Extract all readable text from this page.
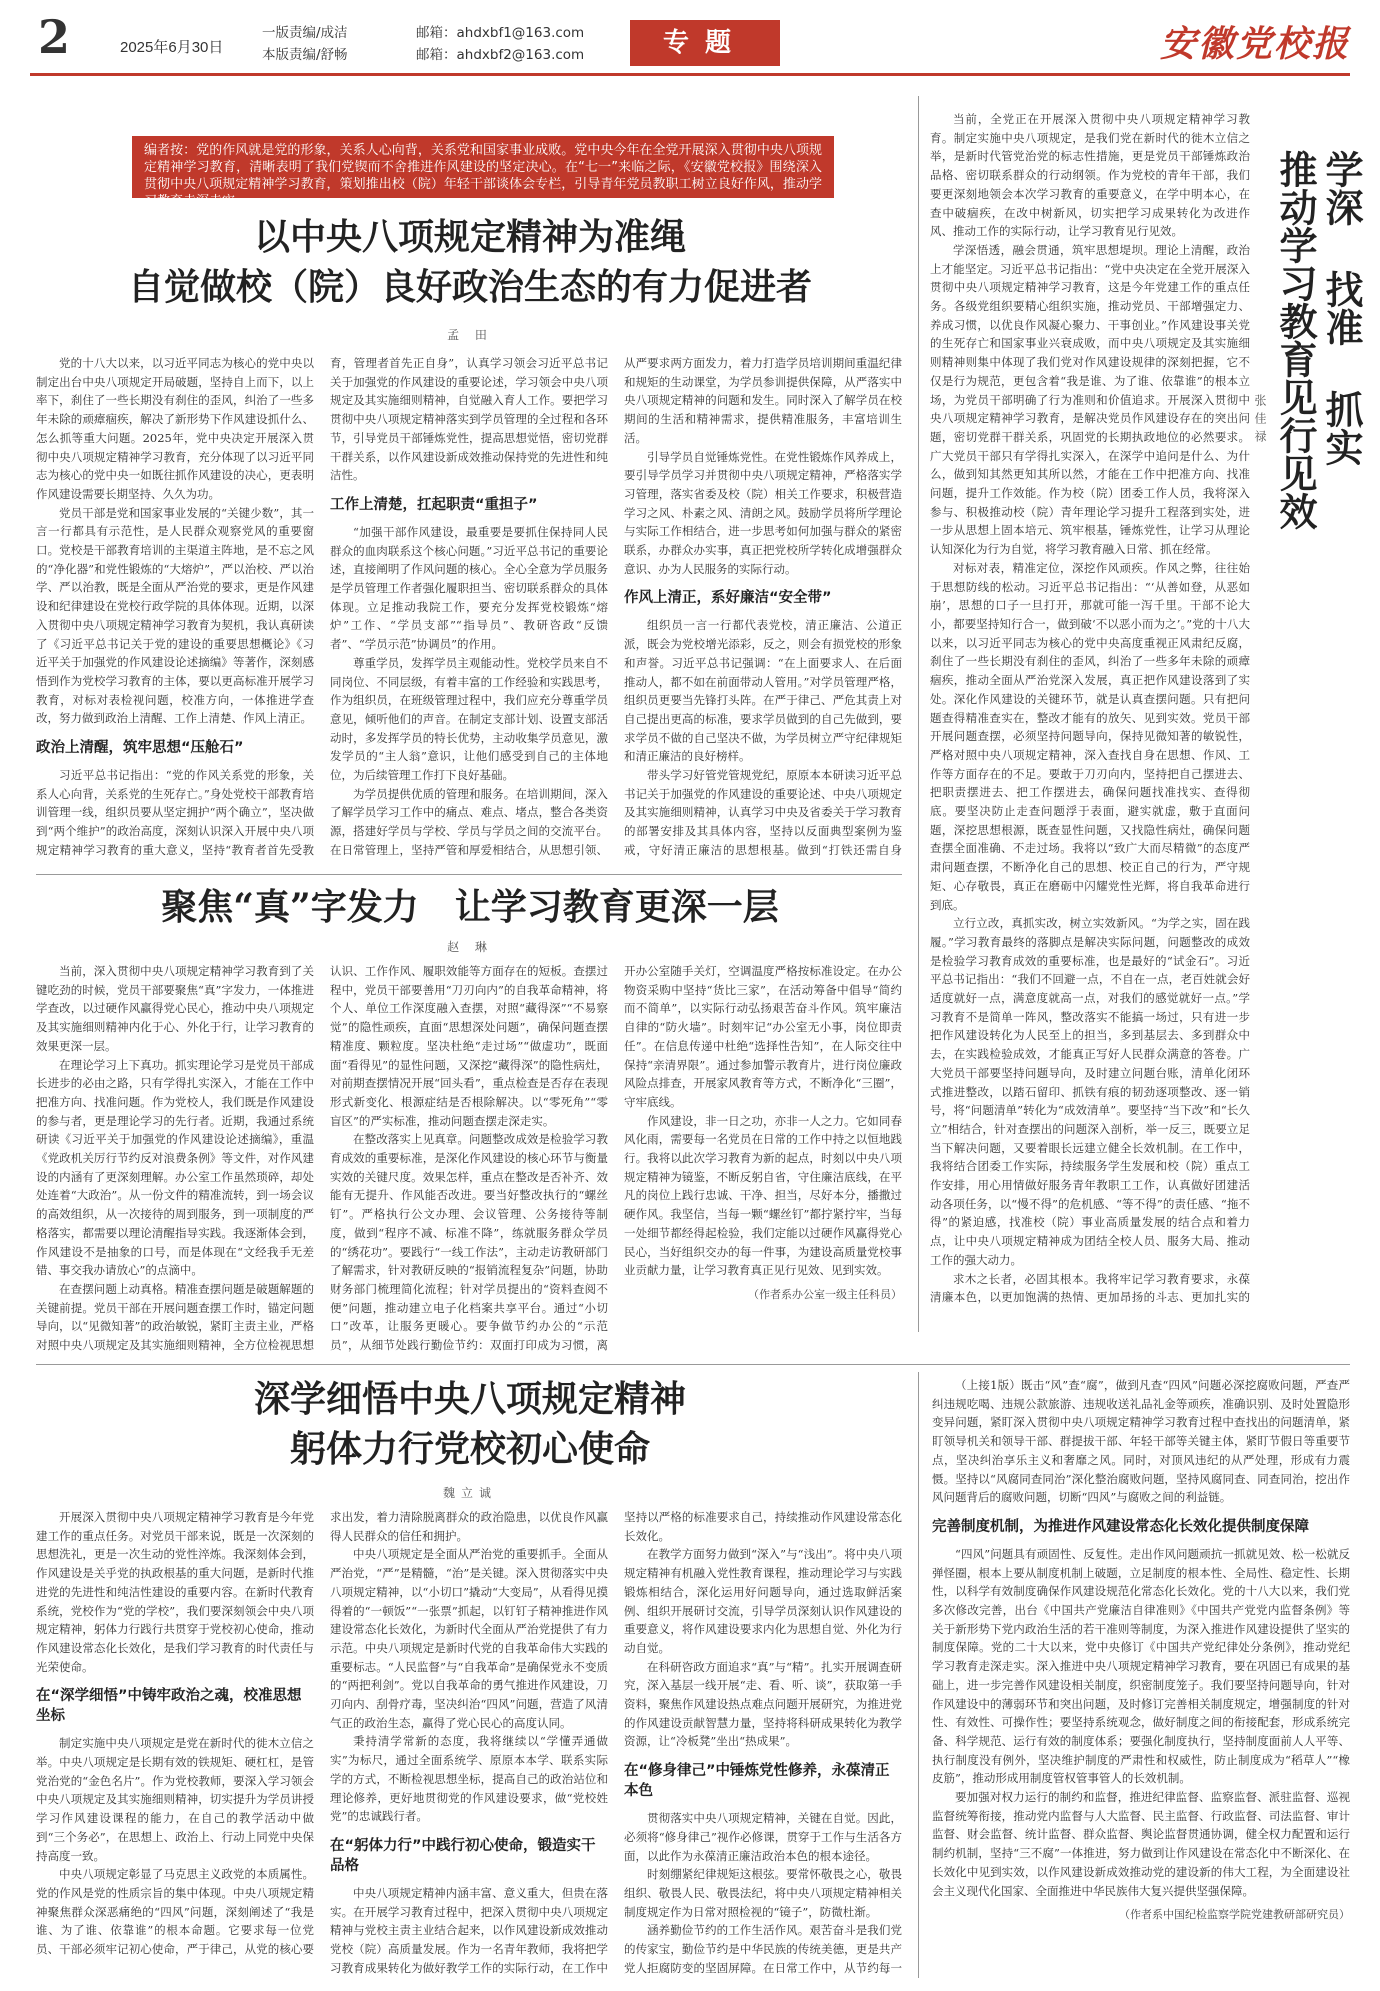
2	2025年6月30日
一版责编/成洁
本版责编/舒畅
邮箱：ahdxbf1@163.com
邮箱：ahdxbf2@163.com	专题	安徽党校报
编者按：党的作风就是党的形象，关系人心向背，关系党和国家事业成败。党中央今年在全党开展深入贯彻中央八项规定精神学习教育，清晰表明了我们党锲而不舍推进作风建设的坚定决心。在“七一”来临之际，《安徽党校报》围绕深入贯彻中央八项规定精神学习教育，策划推出校（院）年轻干部谈体会专栏，引导青年党员教职工树立良好作风，推动学习教育走深走实。
以中央八项规定精神为准绳
自觉做校（院）良好政治生态的有力促进者
孟 田

党的十八大以来，以习近平同志为核心的党中央以制定出台中央八项规定开局破题，坚持自上而下，以上率下，刹住了一些长期没有刹住的歪风，纠治了一些多年未除的顽瘴痼疾，解决了新形势下作风建设抓什么、怎么抓等重大问题。2025年，党中央决定开展深入贯彻中央八项规定精神学习教育，充分体现了以习近平同志为核心的党中央一如既往抓作风建设的决心，更表明作风建设需要长期坚持、久久为功。

党员干部是党和国家事业发展的“关键少数”，其一言一行都具有示范性，是人民群众观察党风的重要窗口。党校是干部教育培训的主渠道主阵地，是不忘之风的“净化器”和党性锻炼的“大熔炉”，严以治校、严以治学、严以治教，既是全面从严治党的要求，更是作风建设和纪律建设在党校行政学院的具体体现。近期，以深入贯彻中央八项规定精神学习教育为契机，我认真研读了《习近平总书记关于党的建设的重要思想概论》《习近平关于加强党的作风建设论述摘编》等著作，深刻感悟到作为党校学习教育的主体，要以更高标准开展学习教育，对标对表检视问题，校准方向，一体推进学查改，努力做到政治上清醒、工作上清楚、作风上清正。

政治上清醒，筑牢思想“压舱石”

习近平总书记指出：“党的作风关系党的形象，关系人心向背，关系党的生死存亡。”身处党校干部教育培训管理一线，组织员要从坚定拥护“两个确立”，坚决做到“两个维护”的政治高度，深刻认识深入开展中央八项规定精神学习教育的重大意义，坚持“教育者首先受教育，管理者首先正自身”，认真学习领会习近平总书记关于加强党的作风建设的重要论述，学习领会中央八项规定及其实施细则精神，自觉融入育人工作。要把学习贯彻中央八项规定精神落实到学员管理的全过程和各环节，引导党员干部锤炼党性，提高思想觉悟，密切党群干群关系，以作风建设新成效推动保持党的先进性和纯洁性。

工作上清楚，扛起职责“重担子”

“加强干部作风建设，最重要是要抓住保持同人民群众的血肉联系这个核心问题。”习近平总书记的重要论述，直接阐明了作风问题的核心。全心全意为学员服务是学员管理工作者强化履职担当、密切联系群众的具体体现。立足推动我院工作，要充分发挥党校锻炼“熔炉”工作、“学员支部”“指导员”、教研咨政“反馈者”、“学员示范”协调员”的作用。

尊重学员，发挥学员主观能动性。党校学员来自不同岗位、不同层级，有着丰富的工作经验和实践思考，作为组织员，在班级管理过程中，我们应充分尊重学员意见，倾听他们的声音。在制定支部计划、设置支部活动时，多发挥学员的特长优势，主动收集学员意见，激发学员的“主人翁”意识，让他们感受到自己的主体地位，为后续管理工作打下良好基础。

为学员提供优质的管理和服务。在培训期间，深入了解学员学习工作中的痛点、难点、堵点，整合各类资源，搭建好学员与学校、学员与学员之间的交流平台。在日常管理上，坚持严管和厚爱相结合，从思想引领、从严要求两方面发力，着力打造学员培训期间重温纪律和规矩的生动课堂，为学员参训提供保障，从严落实中央八项规定精神的问题和发生。同时深入了解学员在校期间的生活和精神需求，提供精准服务，丰富培训生活。

引导学员自觉锤炼党性。在党性锻炼作风养成上，要引导学员学习并贯彻中央八项规定精神，严格落实学习管理，落实省委及校（院）相关工作要求，积极营造学习之风、朴素之风、清朗之风。鼓励学员将所学理论与实际工作相结合，进一步思考如何加强与群众的紧密联系，办群众办实事，真正把党校所学转化成增强群众意识、办为人民服务的实际行动。

作风上清正，系好廉洁“安全带”

组织员一言一行都代表党校，清正廉洁、公道正派，既会为党校增光添彩，反之，则会有损党校的形象和声誉。习近平总书记强调：“在上面要求人、在后面推动人，都不如在前面带动人管用。”对学员管理严格，组织员更要当先锋打头阵。在严于律己、严危其责上对自己提出更高的标准，要求学员做到的自己先做到，要求学员不做的自己坚决不做，为学员树立严守纪律规矩和清正廉洁的良好榜样。

带头学习好管党管规党纪，原原本本研读习近平总书记关于加强党的作风建设的重要论述、中央八项规定及其实施细则精神，认真学习中央及省委关于学习教育的部署安排及其具体内容，坚持以反面典型案例为鉴戒，守好清正廉洁的思想根基。做到“打铁还需自身

聚焦“真”字发力　让学习教育更深一层
赵 琳

当前，深入贯彻中央八项规定精神学习教育到了关键吃劲的时候，党员干部要聚焦“真”字发力，一体推进学查改，以过硬作风赢得党心民心，推动中央八项规定及其实施细则精神内化于心、外化于行，让学习教育的效果更深一层。

在理论学习上下真功。抓实理论学习是党员干部成长进步的必由之路，只有学得扎实深入，才能在工作中把准方向、找准问题。作为党校人，我们既是作风建设的参与者，更是理论学习的先行者。近期，我通过系统研读《习近平关于加强党的作风建设论述摘编》，重温《党政机关厉行节约反对浪费条例》等文件，对作风建设的内涵有了更深刻理解。办公室工作虽然琐碎，却处处连着“大政治”。从一份文件的精准流转，到一场会议的高效组织，从一次接待的周到服务，到一项制度的严格落实，都需要以理论清醒指导实践。我逐渐体会到，作风建设不是抽象的口号，而是体现在“文经我手无差错、事交我办请放心”的点滴中。

在查摆问题上动真格。精准查摆问题是破题解题的关键前提。党员干部在开展问题查摆工作时，锚定问题导向，以“见微知著”的政治敏锐，紧盯主责主业，严格对照中央八项规定及其实施细则精神，全方位检视思想认识、工作作风、履职效能等方面存在的短板。查摆过程中，党员干部要善用“刀刃向内”的自我革命精神，将个人、单位工作深度融入查摆，对照“藏得深”“不易察觉”的隐性顽疾，直面“思想深处问题”，确保问题查摆精准度、颗粒度。坚决杜绝“走过场”“做虚功”，既面面“看得见”的显性问题，又深挖“藏得深”的隐性病灶，对前期查摆情况开展“回头看”，重点检查是否存在表现形式新变化、根源症结是否根除解决。以“零死角”“零盲区”的严实标准，推动问题查摆走深走实。

在整改落实上见真章。问题整改成效是检验学习教育成效的重要标准，是深化作风建设的核心环节与衡量实效的关键尺度。效果怎样，重点在整改是否补齐、效能有无提升、作风能否改进。要当好整改执行的“螺丝钉”。严格执行公文办理、会议管理、公务接待等制度，做到“程序不减、标准不降”，练就服务群众学员的“绣花功”。要践行“一线工作法”，主动走访教研部门了解需求，针对教研反映的“报销流程复杂”问题，协助财务部门梳理简化流程；针对学员提出的“资料查阅不便”问题，推动建立电子化档案共享平台。通过“小切口”改革，让服务更暖心。要争做节约办公的“示范员”，从细节处践行勤俭节约：双面打印成为习惯，离开办公室随手关灯，空调温度严格按标准设定。在办公物资采购中坚持“货比三家”，在活动筹备中倡导“简约而不简单”，以实际行动弘扬艰苦奋斗作风。筑牢廉洁自律的“防火墙”。时刻牢记“办公室无小事，岗位即责任”。在信息传递中杜绝“选择性告知”，在人际交往中保持“亲清界限”。通过参加警示教育片，进行岗位廉政风险点排查，开展家风教育等方式，不断净化“三圈”，守牢底线。

作风建设，非一日之功，亦非一人之力。它如同春风化雨，需要每一名党员在日常的工作中持之以恒地践行。我将以此次学习教育为新的起点，时刻以中央八项规定精神为镜鉴，不断反躬自省，守住廉洁底线，在平凡的岗位上践行忠诚、干净、担当，尽好本分，播撒过硬作风。我坚信，当每一颗“螺丝钉”都拧紧拧牢，当每一处细节都经得起检验，我们定能以过硬作风赢得党心民心，当好组织交办的每一件事，为建设高质量党校事业贡献力量，让学习教育真正见行见效、见到实效。

（作者系办公室一级主任科员）

当前，全党正在开展深入贯彻中央八项规定精神学习教育。制定实施中央八项规定，是我们党在新时代的徙木立信之举，是新时代管党治党的标志性措施，更是党员干部锤炼政治品格、密切联系群众的行动纲领。作为党校的青年干部，我们要更深刻地领会本次学习教育的重要意义，在学中明本心，在查中破痼疾，在改中树新风，切实把学习成果转化为改进作风、推动工作的实际行动，让学习教育见行见效。

学深悟透，融会贯通，筑牢思想堤坝。理论上清醒，政治上才能坚定。习近平总书记指出：“党中央决定在全党开展深入贯彻中央八项规定精神学习教育，这是今年党建工作的重点任务。各级党组织要精心组织实施，推动党员、干部增强定力、养成习惯，以优良作风凝心聚力、干事创业。”作风建设事关党的生死存亡和国家事业兴衰成败，而中央八项规定及其实施细则精神则集中体现了我们党对作风建设规律的深刻把握，它不仅是行为规范，更包含着“我是谁、为了谁、依靠谁”的根本立场，为党员干部明确了行为准则和价值追求。开展深入贯彻中央八项规定精神学习教育，是解决党员作风建设存在的突出问题，密切党群干群关系，巩固党的长期执政地位的必然要求。广大党员干部只有学得扎实深入，在深学中追问是什么、为什么，做到知其然更知其所以然，才能在工作中把准方向、找准问题，提升工作效能。作为校（院）团委工作人员，我将深入参与、积极推动校（院）青年理论学习提升工程落到实处，进一步从思想上固本培元、筑牢根基，锤炼党性，让学习从理论认知深化为行为自觉，将学习教育融入日常、抓在经常。

对标对表，精准定位，深挖作风顽疾。作风之弊，往往始于思想防线的松动。习近平总书记指出：“‘从善如登，从恶如崩’，思想的口子一旦打开，那就可能一泻千里。干部不论大小，都要坚持知行合一，做到破‘不以恶小而为之’。”党的十八大以来，以习近平同志为核心的党中央高度重视正风肃纪反腐，刹住了一些长期没有刹住的歪风，纠治了一些多年未除的顽瘴痼疾，推动全面从严治党深入发展，真正把作风建设落到了实处。深化作风建设的关键环节，就是认真查摆问题。只有把问题查得精准查实在，整改才能有的放矢、见到实效。党员干部开展问题查摆，必须坚持问题导向，保持见微知著的敏锐性，严格对照中央八项规定精神，深入查找自身在思想、作风、工作等方面存在的不足。要敢于刀刃向内，坚持把自己摆进去、把职责摆进去、把工作摆进去，确保问题找准找实、查得彻底。要坚决防止走查问题浮于表面，避实就虚，敷于直面问题，深挖思想根源，既查显性问题，又找隐性病灶，确保问题查摆全面准确、不走过场。我将以“致广大而尽精微”的态度严肃问题查摆，不断净化自己的思想、校正自己的行为，严守规矩、心存敬畏，真正在磨砺中闪耀党性光辉，将自我革命进行到底。

立行立改，真抓实改，树立实效新风。“为学之实，固在践履。”学习教育最终的落脚点是解决实际问题，问题整改的成效是检验学习教育成效的重要标准，也是最好的“试金石”。习近平总书记指出：“我们不回避一点，不自在一点，老百姓就会好适度就好一点，满意度就高一点，对我们的感觉就好一点。”学习教育不是简单一阵风，整改落实不能搞一场过，只有进一步把作风建设转化为人民至上的担当，多到基层去、多到群众中去，在实践检验成效，才能真正写好人民群众满意的答卷。广大党员干部要坚持问题导向，及时建立问题台账，清单化闭环式推进整改，以踏石留印、抓铁有痕的韧劲逐项整改、逐一销号，将“问题清单”转化为“成效清单”。要坚持“当下改”和“长久立”相结合，针对查摆出的问题深入剖析，举一反三，既要立足当下解决问题，又要着眼长远建立健全长效机制。在工作中，我将结合团委工作实际，持续服务学生发展和校（院）重点工作安排，用心用情做好服务青年教职工工作，认真做好团建活动各项任务，以“慢不得”的危机感、“等不得”的责任感、“拖不得”的紧迫感，找准校（院）事业高质量发展的结合点和着力点，让中央八项规定精神成为团结全校人员、服务大局、推动工作的强大动力。

求木之长者，必固其根本。我将牢记学习教育要求，永葆清廉本色，以更加饱满的热情、更加昂扬的斗志、更加扎实的

学深
找准
抓实
推动学习教育见行见效
张佳禄
深学细悟中央八项规定精神
躬体力行党校初心使命
魏立诚

开展深入贯彻中央八项规定精神学习教育是今年党建工作的重点任务。对党员干部来说，既是一次深刻的思想洗礼，更是一次生动的党性淬炼。我深刻体会到，作风建设是关乎党的执政根基的重大问题，是新时代推进党的先进性和纯洁性建设的重要内容。在新时代教育系统，党校作为“党的学校”，我们要深刻领会中央八项规定精神，躬体力行践行共贯穿于党校初心使命，推动作风建设常态化长效化，是我们学习教育的时代责任与光荣使命。

在“深学细悟”中铸牢政治之魂，校准思想坐标

制定实施中央八项规定是党在新时代的徙木立信之举。中央八项规定是长期有效的铁规矩、硬杠杠，是管党治党的“金色名片”。作为党校教师，要深入学习领会中央八项规定及其实施细则精神，切实提升为学员讲授学习作风建设课程的能力，在自己的教学活动中做到“三个务必”，在思想上、政治上、行动上同党中央保持高度一致。

中央八项规定彰显了马克思主义政党的本质属性。党的作风是党的性质宗旨的集中体现。中央八项规定精神聚焦群众深恶痛绝的“四风”问题，深刻阐述了“我是谁、为了谁、依靠谁”的根本命题。它要求每一位党员、干部必须牢记初心使命，严于律己，从党的核心要求出发，着力清除脱离群众的政治隐患，以优良作风赢得人民群众的信任和拥护。

中央八项规定是全面从严治党的重要抓手。全面从严治党，“严”是精髓，“治”是关键。深入贯彻落实中央八项规定精神，以“小切口”撬动“大变局”，从看得见摸得着的“一顿饭”“一张票”抓起，以钉钉子精神推进作风建设常态化长效化，为新时代全面从严治党提供了有力示范。中央八项规定是新时代党的自我革命伟大实践的重要标志。“人民监督”与“自我革命”是确保党永不变质的“两把利剑”。党以自我革命的勇气推进作风建设，刀刃向内、刮骨疗毒，坚决纠治“四风”问题，营造了风清气正的政治生态，赢得了党心民心的高度认同。

秉持清学常新的态度，我将继续以“学懂弄通做实”为标尺，通过全面系统学、原原本本学、联系实际学的方式，不断检视思想坐标，提高自己的政治站位和理论修养，更好地贯彻党的作风建设要求，做“党校姓党”的忠诚践行者。

在“躬体力行”中践行初心使命，锻造实干品格

中央八项规定精神内涵丰富、意义重大，但贵在落实。在开展学习教育过程中，把深入贯彻中央八项规定精神与党校主责主业结合起来，以作风建设新成效推动党校（院）高质量发展。作为一名青年教师，我将把学习教育成果转化为做好教学工作的实际行动，在工作中坚持以严格的标准要求自己，持续推动作风建设常态化长效化。

在教学方面努力做到“深入”与“浅出”。将中央八项规定精神有机融入党性教育课程，推动理论学习与实践锻炼相结合，深化运用好问题导向，通过选取鲜活案例、组织开展研讨交流，引导学员深刻认识作风建设的重要意义，将作风建设要求内化为思想自觉、外化为行动自觉。

在科研咨政方面追求“真”与“精”。扎实开展调查研究，深入基层一线开展“走、看、听、谈”，获取第一手资料，聚焦作风建设热点难点问题开展研究，为推进党的作风建设贡献智慧力量，坚持将科研成果转化为教学资源，让“冷板凳”坐出“热成果”。

在“修身律己”中锤炼党性修养，永葆清正本色

贯彻落实中央八项规定精神，关键在自觉。因此，必须将“修身律己”视作必修课，贯穿于工作与生活各方面，以此作为永葆清正廉洁政治本色的根本途径。

时刻绷紧纪律规矩这根弦。要常怀敬畏之心，敬畏组织、敬畏人民、敬畏法纪，将中央八项规定精神相关制度规定作为日常对照检视的“镜子”，防微杜渐。

涵养勤俭节约的工作生活作风。艰苦奋斗是我们党的传家宝，勤俭节约是中华民族的传统美德，更是共产党人拒腐防变的坚固屏障。在日常工作中，从节约每一

（上接1版）既击“风”查“腐”，做到凡查“四风”问题必深挖腐败问题，严查严纠违规吃喝、违规公款旅游、违规收送礼品礼金等顽疾，准确识别、及时处置隐形变异问题，紧盯深入贯彻中央八项规定精神学习教育过程中查找出的问题清单，紧盯领导机关和领导干部、群提拔干部、年轻干部等关键主体，紧盯节假日等重要节点，坚决纠治享乐主义和奢靡之风。同时，对顶风违纪的从严处理，形成有力震慑。坚持以“风腐同查同治”深化整治腐败问题，坚持风腐同查、同查同治，挖出作风问题背后的腐败问题，切断“四风”与腐败之间的利益链。

完善制度机制，为推进作风建设常态化长效化提供制度保障

“四风”问题具有顽固性、反复性。走出作风问题顽抗一抓就见效、松一松就反弹怪圈，根本上要从制度机制上破题，立足制度的根本性、全局性、稳定性、长期性，以科学有效制度确保作风建设规范化常态化长效化。党的十八大以来，我们党多次修改完善，出台《中国共产党廉洁自律准则》《中国共产党党内监督条例》等关于新形势下党内政治生活的若干准则等制度，为深入推进作风建设提供了坚实的制度保障。党的二十大以来，党中央修订《中国共产党纪律处分条例》，推动党纪学习教育走深走实。深入推进中央八项规定精神学习教育，要在巩固已有成果的基础上，进一步完善作风建设相关制度，织密制度笼子。我们要坚持问题导向，针对作风建设中的薄弱环节和突出问题，及时修订完善相关制度规定，增强制度的针对性、有效性、可操作性；要坚持系统观念，做好制度之间的衔接配套，形成系统完备、科学规范、运行有效的制度体系；要强化制度执行，坚持制度面前人人平等、执行制度没有例外，坚决维护制度的严肃性和权威性，防止制度成为“稻草人”“橡皮筋”，推动形成用制度管权管事管人的长效机制。

要加强对权力运行的制约和监督，推进纪律监督、监察监督、派驻监督、巡视监督统筹衔接，推动党内监督与人大监督、民主监督、行政监督、司法监督、审计监督、财会监督、统计监督、群众监督、舆论监督贯通协调，健全权力配置和运行制约机制，坚持“三不腐”一体推进，努力做到让作风建设在常态化中不断深化、在长效化中见到实效，以作风建设新成效推动党的建设新的伟大工程，为全面建设社会主义现代化国家、全面推进中华民族伟大复兴提供坚强保障。

（作者系中国纪检监察学院党建教研部研究员）
